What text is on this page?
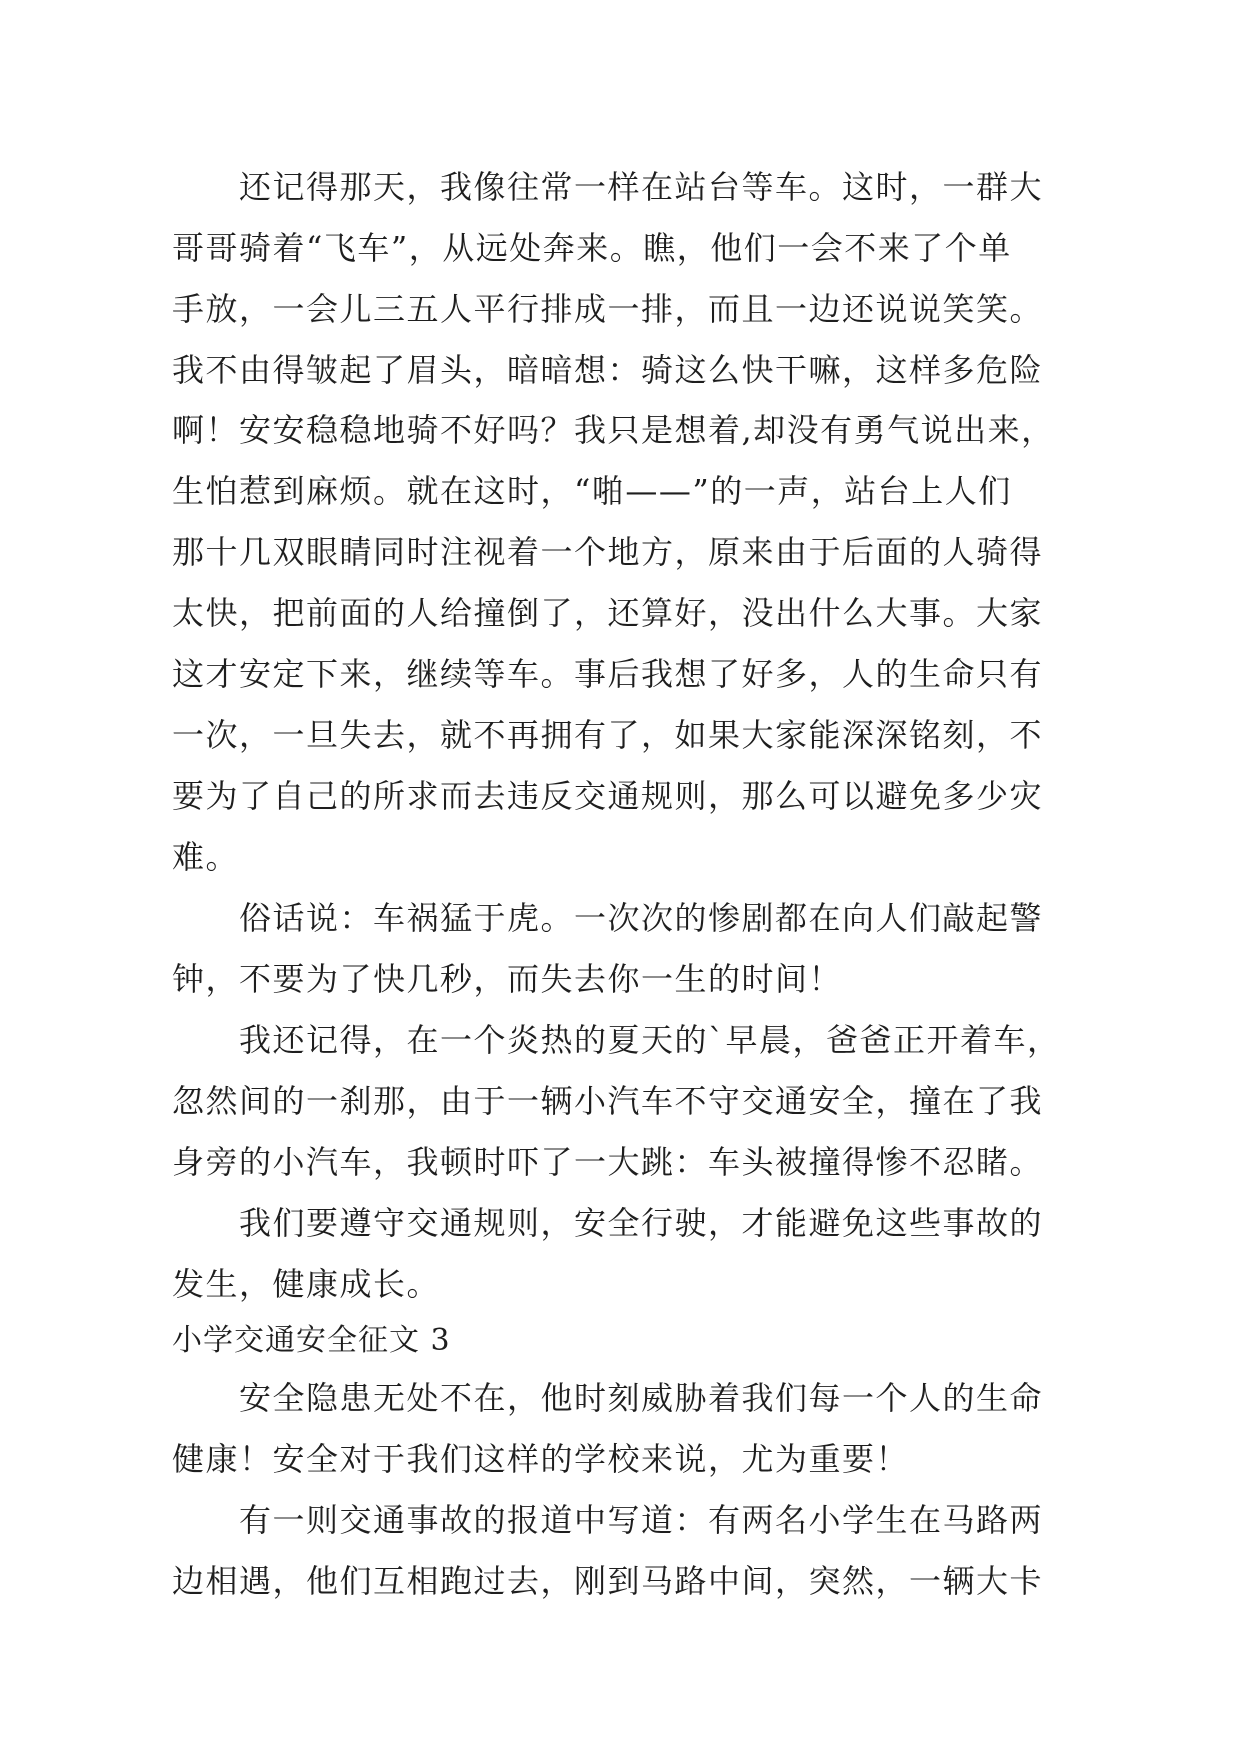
还记得那天，我像往常一样在站台等车。这时，一群大
哥哥骑着“飞车”，从远处奔来。瞧，他们一会不来了个单
手放，一会儿三五人平行排成一排，而且一边还说说笑笑。
我不由得皱起了眉头，暗暗想：骑这么快干嘛，这样多危险
啊！安安稳稳地骑不好吗？我只是想着,却没有勇气说出来，
生怕惹到麻烦。就在这时，“啪——”的一声，站台上人们
那十几双眼睛同时注视着一个地方，原来由于后面的人骑得
太快，把前面的人给撞倒了，还算好，没出什么大事。大家
这才安定下来，继续等车。事后我想了好多，人的生命只有
一次，一旦失去，就不再拥有了，如果大家能深深铭刻，不
要为了自己的所求而去违反交通规则，那么可以避免多少灾
难。
俗话说：车祸猛于虎。一次次的惨剧都在向人们敲起警
钟，不要为了快几秒，而失去你一生的时间！
我还记得，在一个炎热的夏天的`早晨，爸爸正开着车，
忽然间的一刹那，由于一辆小汽车不守交通安全，撞在了我
身旁的小汽车，我顿时吓了一大跳：车头被撞得惨不忍睹。
我们要遵守交通规则，安全行驶，才能避免这些事故的
发生，健康成长。
小学交通安全征文 3
安全隐患无处不在，他时刻威胁着我们每一个人的生命
健康！安全对于我们这样的学校来说，尤为重要！
有一则交通事故的报道中写道：有两名小学生在马路两
边相遇，他们互相跑过去，刚到马路中间，突然，一辆大卡
